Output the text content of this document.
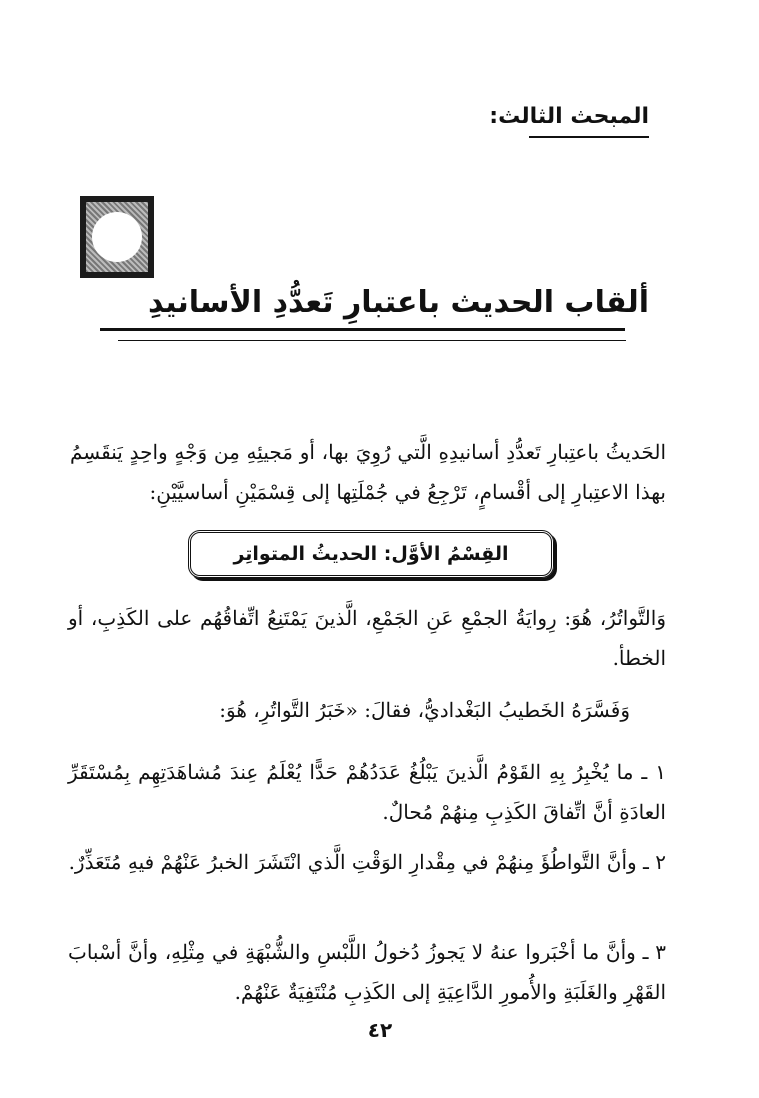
المبحث الثالث:
ألقاب الحديث باعتبارِ تَعدُّدِ الأسانيدِ
الحَديثُ باعتِبارِ تَعدُّدِ أسانيدِهِ الَّتي رُوِيَ بها، أو مَجيئِهِ مِن وَجْهٍ واحِدٍ يَنقَسِمُ بهذا الاعتِبارِ إلى أقْسامٍ، تَرْجِعُ في جُمْلَتِها إلى قِسْمَيْنِ أساسيَّيْنِ:
القِسْمُ الأوَّل: الحديثُ المتواتِر
وَالتَّواتُرُ، هُوَ: رِوايَةُ الجمْعِ عَنِ الجَمْعِ، الَّذينَ يَمْتَنِعُ اتِّفاقُهُم على الكَذِبِ، أو الخطأ.
وَفَسَّرَهُ الخَطيبُ البَغْداديُّ، فقالَ: «خَبَرُ التَّواتُرِ، هُوَ:
١ ـ ما يُخْبِرُ بِهِ القَوْمُ الَّذينَ يَبْلُغُ عَدَدُهُمْ حَدًّا يُعْلَمُ عِندَ مُشاهَدَتِهِم بِمُسْتَقَرِّ العادَةِ أنَّ اتِّفاقَ الكَذِبِ مِنهُمْ مُحالٌ.
٢ ـ وأنَّ التَّواطُؤَ مِنهُمْ في مِقْدارِ الوَقْتِ الَّذي انْتَشَرَ الخبرُ عَنْهُمْ فيهِ مُتَعَذِّرٌ.
٣ ـ وأنَّ ما أخْبَروا عنهُ لا يَجوزُ دُخولُ اللَّبْسِ والشُّبْهَةِ في مِثْلِهِ، وأنَّ أسْبابَ القَهْرِ والغَلَبَةِ والأُمورِ الدَّاعِيَةِ إلى الكَذِبِ مُنْتَفِيَةٌ عَنْهُمْ.
٤٢
